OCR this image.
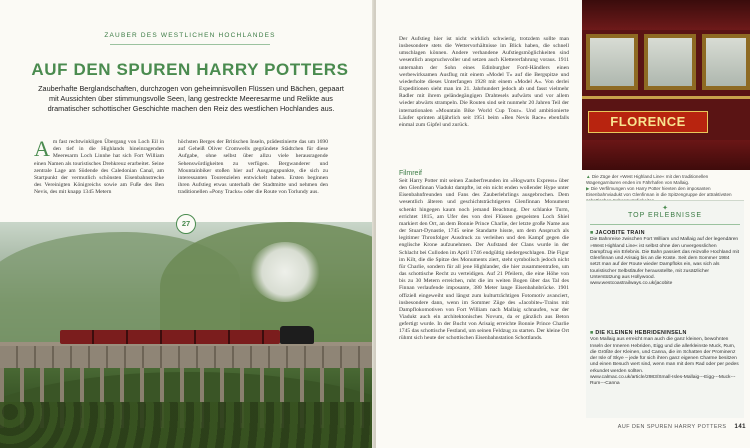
ZAUBER DES WESTLICHEN HOCHLANDES
AUF DEN SPUREN HARRY POTTERS
Zauberhafte Berglandschaften, durchzogen von geheimnisvollen Flüssen und Bächen, gepaart mit Aussichten über stimmungsvolle Seen, lang gestreckte Meeresarme und Relikte aus dramatischer schottischer Geschichte machen den Reiz des westlichen Hochlandes aus.
A m fast rechtwinkligen Übergang von Loch Eil in den tief in die Highlands hineinragenden Meeresarm Loch Linnhe hat sich Fort William einen Namen als touristisches Drehkreuz erarbeitet. Seine zentrale Lage am Südende des Caledonian Canal, am Startpunkt der vermutlich schönsten Eisenbahnstrecke des Vereinigten Königreichs sowie am Fuße des Ben Nevis, des mit knapp 1345 Metern
höchsten Berges der Britischen Inseln, prädestinierte das um 1690 auf Geheiß Oliver Cromwells gegründete Städtchen für diese Aufgabe, ohne selbst über allzu viele herausragende Sehenswürdigkeiten zu verfügen. Bergwanderer und Mountainbiker stoßen hier auf Ausgangspunkte, die sich zu interessanten Tourenzielen entwickelt haben. Ersten beginnen ihren Aufstieg etwas unterhalb der Stadtmitte und nehmen den traditionellen »Pony Tracks« oder die Route von Torlundy aus.
27
Der Aufstieg hier ist nicht wirklich schwierig, trotzdem sollte man insbesondere stets die Wettervorhältnisse im Blick haben, die schnell umschlagen können. Andere verhandene Aufstiegsmöglichkeiten sind wesentlich anspruchsvoller und setzen auch Klettererfahrung voraus. 1911 unternahm der Sohn eines Edinburgher Ford-Händlers einen werbewirksamen Ausflug mit einem »Model T« auf die Bergspitze und wiederholte dieses Unterfangen 1928 mit einem »Model A«. Von derlei Expeditionen sieht man im 21. Jahrhundert jedoch ab und fasst vielmehr Radler mit ihrem geländegängigen Drahtesels aufwärts und vor allem wieder abwärts strampeln. Die Routen sind seit nunmehr 20 Jahren Teil der internationalen »Mountain Bike World Cup Tour«. Und ambitionierte Läufer sprinten alljährlich seit 1951 beim »Ben Nevis Race« ebenfalls einmal zum Gipfel und zurück.
Filmreif
Seit Harry Potter mit seinen Zauberfreunden im »Hogwarts Express« über den Glenfinnan Viadukt dampfte, ist ein nicht enden wollender Hype unter Eisenbahnfreunden und Fans des Zauberlehrlings ausgebrochen. Dem wesentlich älteren und geschichtsträchtigeren Glenfinnan Monument schenkt hingegen kaum noch jemand Beachtung. Der schlanke Turm, errichtet 1815, am Ufer des von drei Flüssen gespeisten Loch Shiel markiert den Ort, an dem Bonnie Prince Charlie, der letzte große Name aus der Stuart-Dynastie, 1745 seine Standarte hisste, um dem Anspruch als legitimer Thronfolger Ausdruck zu verleihen und den Kampf gegen die englische Krone aufzunehmen. Der Aufstand der Clans wurde in der Schlacht bei Culloden im April 1746 endgültig niedergeschlagen. Die Figur im Kilt, die die Spitze des Monuments ziert, steht symbolisch jedoch nicht für Charlie, sondern für all jene Highlander, die hier zusammentrafen, um das schottische Recht zu verteidigen. Auf 21 Pfeilern, die eine Höhe von bis zu 30 Metern erreichen, ruht die im weiten Bogen über das Tal des Finnan verlaufende imposante, 380 Meter lange Eisenbahnbrücke. 1901 offiziell eingeweiht und längst zum kulturträchtigen Fotomotiv avanciert, insbesondere dann, wenn im Sommer Züge des »Jacobite«-Trains mit Dampflokomotiven von Fort William nach Mallaig schnaufen, war der Viadukt auch ein architektonisches Novum, da er gänzlich aus Beton gefertigt wurde. In der Bucht von Arisaig erreichte Bonnie Prince Charlie 1745 das schottische Festland, um seinen Feldzug zu starten. Der kleine Ort rühmt sich heute der schottischen Eisenbahnstation Schottlands.
FLORENCE
▲ Die Züge der »West Highland Line« mit den traditionellen Wagengarnituren enden im Fährhafen von Mallaig.
▶ Die Verfilmungen von Harry Potter hievten den imposanten Eisenbahnviadukt von Glenfinnan in die Spitzengruppe der attraktivsten
✦
TOP ERLEBNISSE
■ JACOBITE TRAIN
Die Bahnreise zwischen Fort William und Mallaig auf der legendären »West Highland Line« ist selbst ohne den unvergesslichen Dampfzug ein Erlebnis. Die Bahn passiert das reizvolle Hochland mit Glenfinnan und Arisaig bis an die Küste. Seit dem Sommer 1984 setzt man auf der Route wieder Dampfloks ein, was sich als touristischer Selbstläufer herausstellte, mit zusätzlicher Unterstützung aus Hollywood.
www.westcoastrailways.co.uk/jacobite
■ DIE KLEINEN HEBRIDENINSELN
Von Mallaig aus erreicht man auch die ganz kleinen, bewohnten Inseln der Inneren Hebriden, Eigg und die allerkleinste Muck, Rum, die Größte der Kleinen, und Canna, die im Schatten der Prominenz der Isle of Skye – jede für sich ihren ganz eigenen Charme besitzen und einen Besuch wert sind, wenn man mit dem Rad oder per pedes erkundet werden sollten.
www.calmac.co.uk/article/2983/Small-Isles-Mallaig---Eigg---Muck---Rum---Canna
AUF DEN SPUREN HARRY POTTERS 141
